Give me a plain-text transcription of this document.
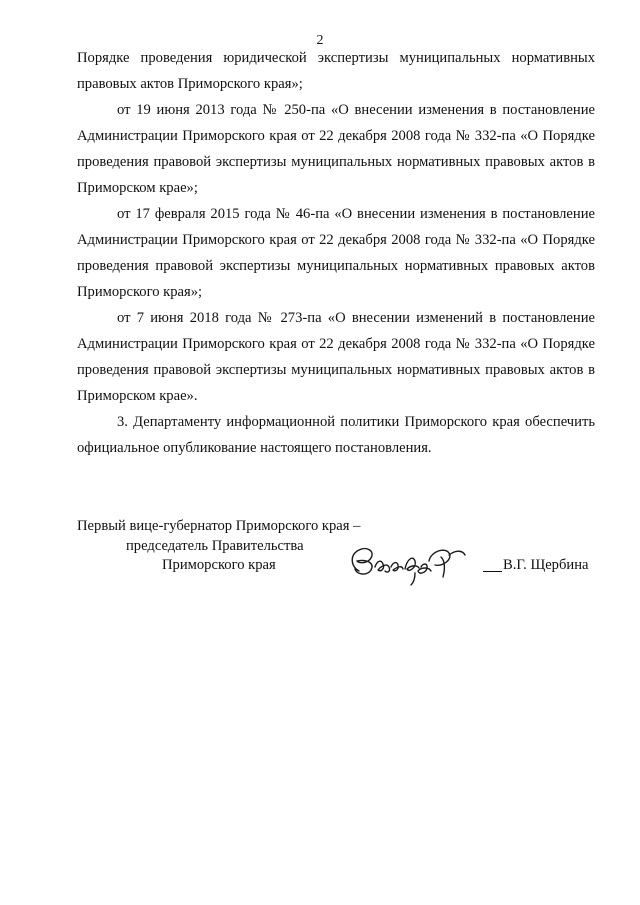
2

Порядке проведения юридической экспертизы муниципальных нормативных правовых актов Приморского края»;

от 19 июня 2013 года № 250-па «О внесении изменения в постановление Администрации Приморского края от 22 декабря 2008 года № 332-па «О Порядке проведения правовой экспертизы муниципальных нормативных правовых актов в Приморском крае»;

от 17 февраля 2015 года № 46-па «О внесении изменения в постановление Администрации Приморского края от 22 декабря 2008 года № 332-па «О Порядке проведения правовой экспертизы муниципальных нормативных правовых актов Приморского края»;

от 7 июня 2018 года № 273-па «О внесении изменений в постановление Администрации Приморского края от 22 декабря 2008 года № 332-па «О Порядке проведения правовой экспертизы муниципальных нормативных правовых актов в Приморском крае».

3. Департаменту информационной политики Приморского края обеспечить официальное опубликование настоящего постановления.

Первый вице-губернатор Приморского края –
председатель Правительства
Приморского края	В.Г. Щербина
